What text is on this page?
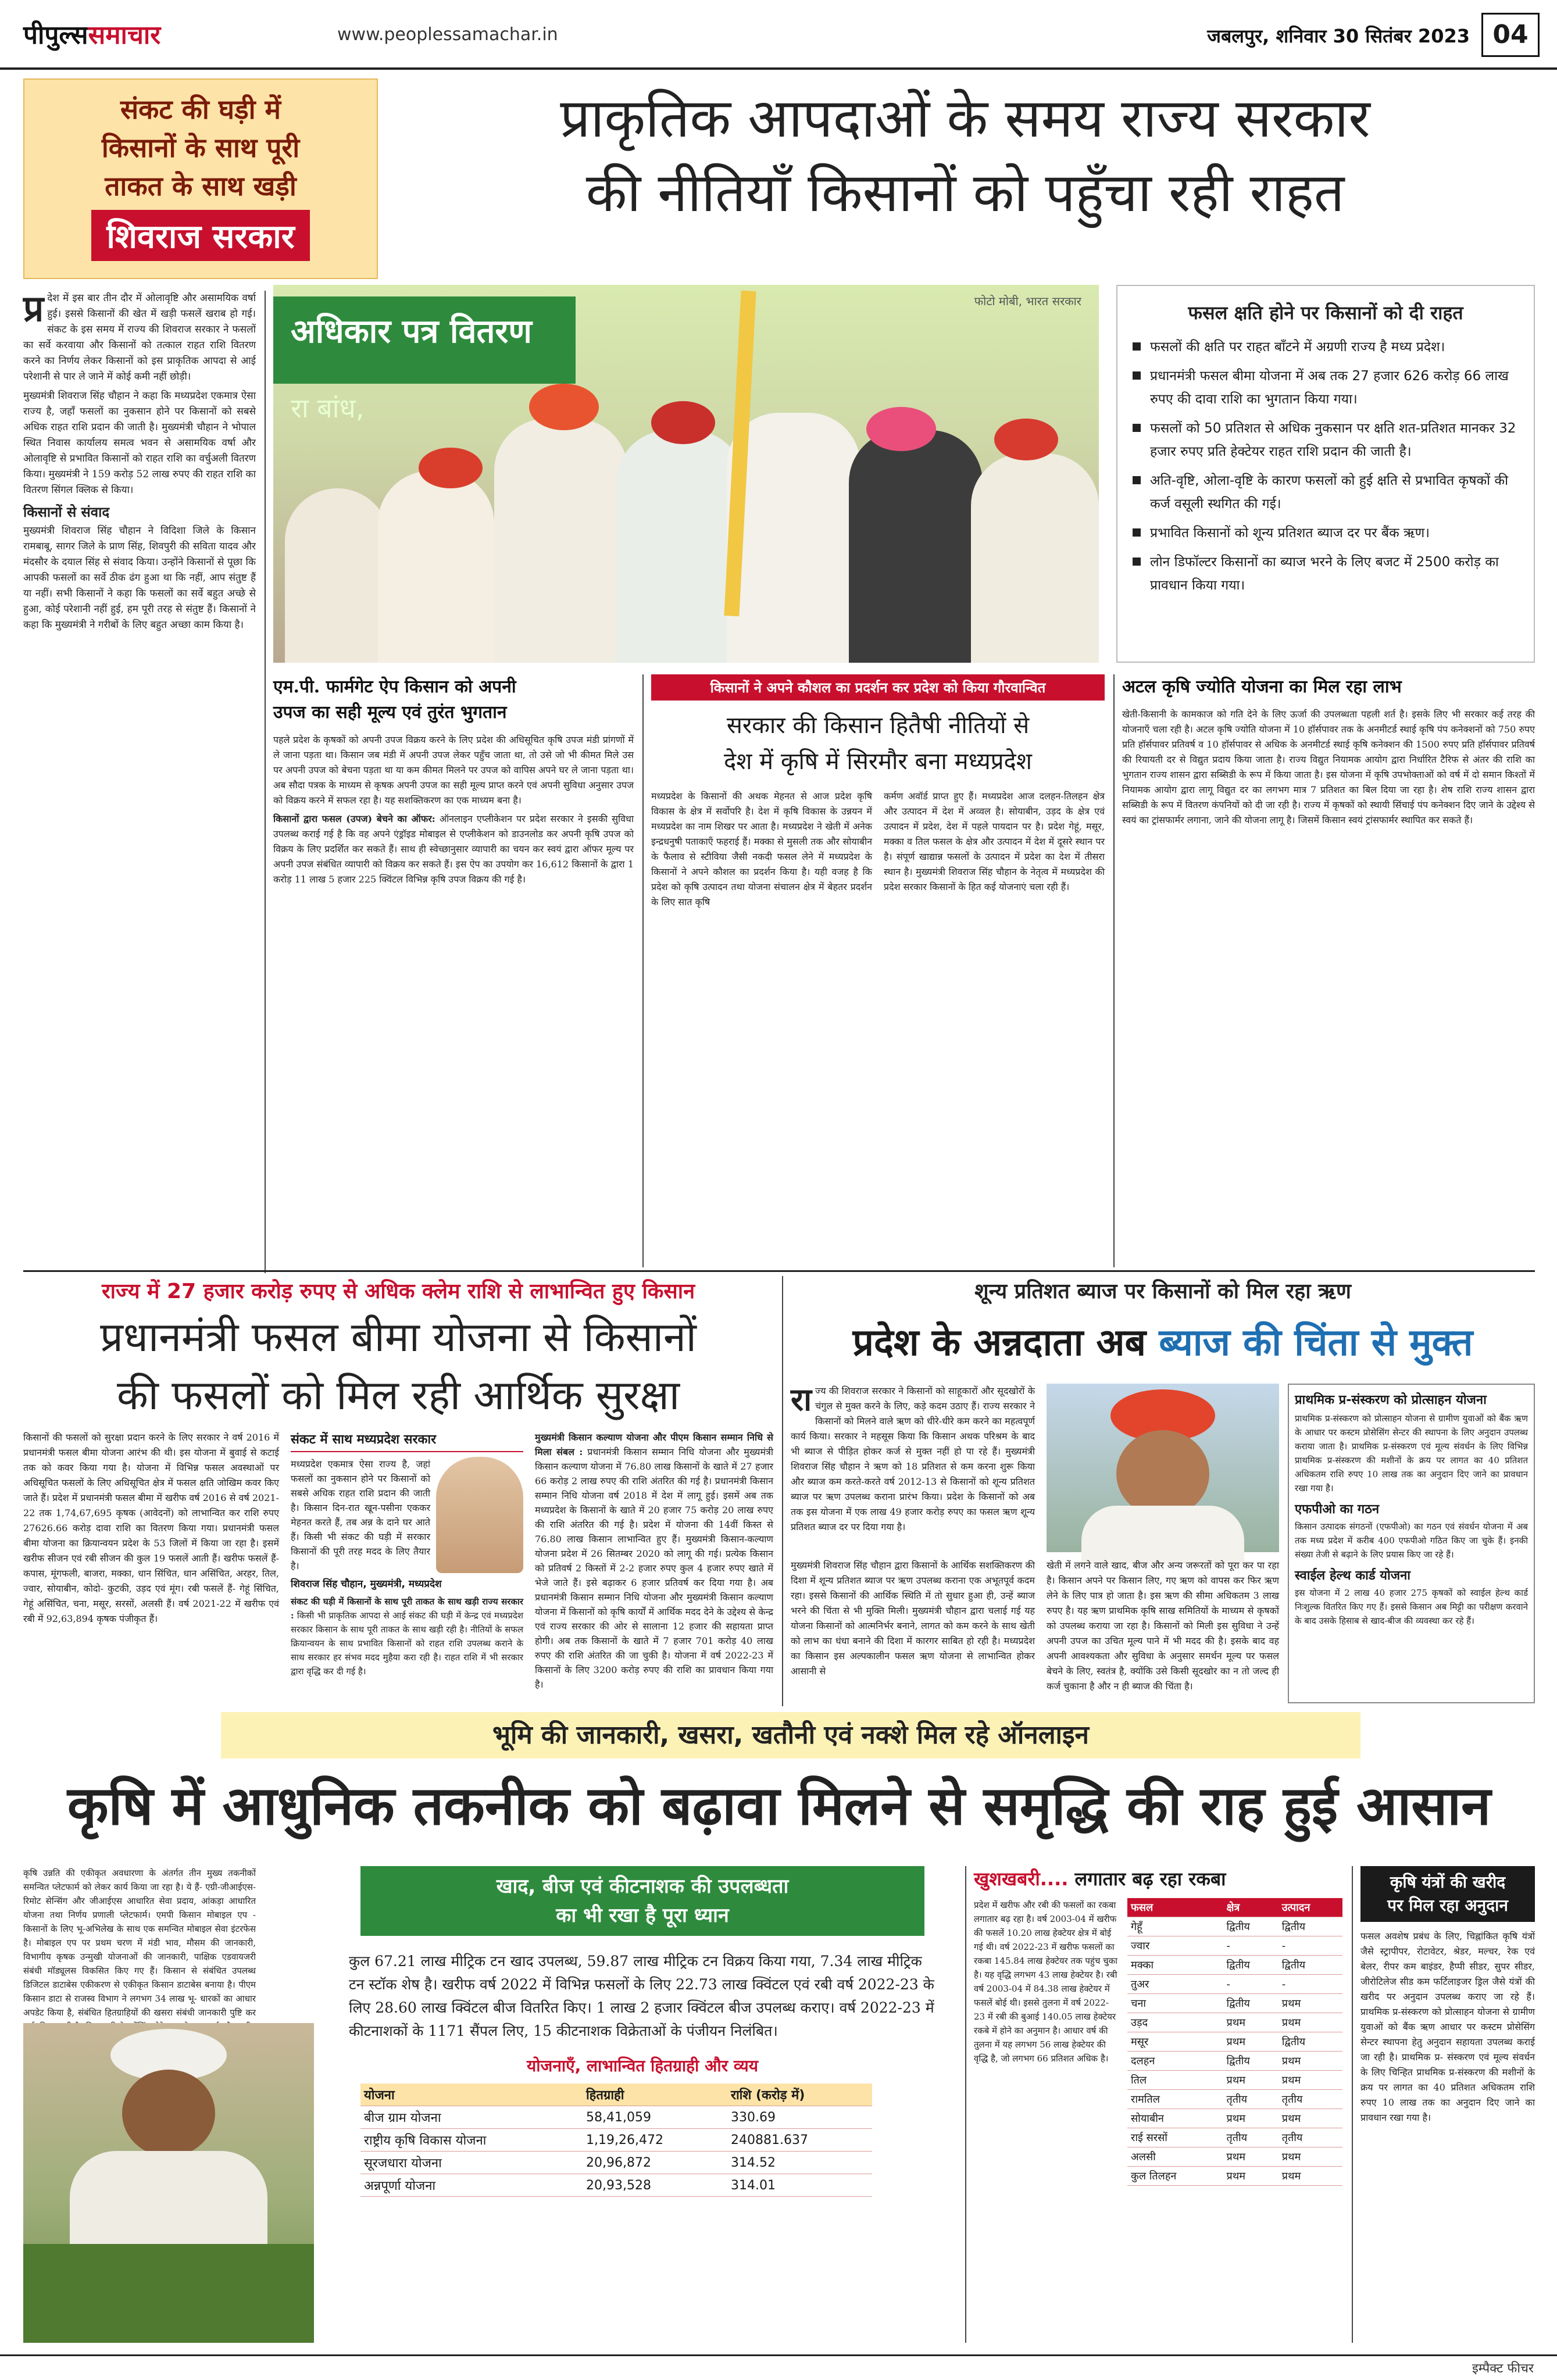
पीपुल्ससमाचार	www.peoplessamachar.in	जबलपुर, शनिवार 30 सितंबर 2023 04
संकट की घड़ी में
किसानों के साथ पूरी
ताकत के साथ खड़ी
शिवराज सरकार
प्राकृतिक आपदाओं के समय राज्य सरकार
की नीतियाँ किसानों को पहुँचा रही राहत

प्र देश में इस बार तीन दौर में ओलावृष्टि और असामयिक वर्षा हुई। इससे किसानों की खेत में खड़ी फसलें खराब हो गई। संकट के इस समय में राज्य की शिवराज सरकार ने फसलों का सर्वे करवाया और किसानों को तत्काल राहत राशि वितरण करने का निर्णय लेकर किसानों को इस प्राकृतिक आपदा से आई परेशानी से पार ले जाने में कोई कमी नहीं छोड़ी।

मुख्यमंत्री शिवराज सिंह चौहान ने कहा कि मध्यप्रदेश एकमात्र ऐसा राज्य है, जहाँ फसलों का नुकसान होने पर किसानों को सबसे अधिक राहत राशि प्रदान की जाती है। मुख्यमंत्री चौहान ने भोपाल स्थित निवास कार्यालय समत्व भवन से असामयिक वर्षा और ओलावृष्टि से प्रभावित किसानों को राहत राशि का वर्चुअली वितरण किया। मुख्यमंत्री ने 159 करोड़ 52 लाख रुपए की राहत राशि का वितरण सिंगल क्लिक से किया।

किसानों से संवाद

मुख्यमंत्री शिवराज सिंह चौहान ने विदिशा जिले के किसान रामबाबू, सागर जिले के प्राण सिंह, शिवपुरी की सविता यादव और मंदसौर के दयाल सिंह से संवाद किया। उन्होंने किसानों से पूछा कि आपकी फसलों का सर्वे ठीक ढंग हुआ था कि नहीं, आप संतुष्ट हैं या नहीं। सभी किसानों ने कहा कि फसलों का सर्वे बहुत अच्छे से हुआ, कोई परेशानी नहीं हुई, हम पूरी तरह से संतुष्ट हैं। किसानों ने कहा कि मुख्यमंत्री ने गरीबों के लिए बहुत अच्छा काम किया है।

अधिकार पत्र वितरण
रा बांध,
फोटो मोबी, भारत सरकार
फसल क्षति होने पर किसानों को दी राहत
फसलों की क्षति पर राहत बाँटने में अग्रणी राज्य है मध्य प्रदेश।
प्रधानमंत्री फसल बीमा योजना में अब तक 27 हजार 626 करोड़ 66 लाख रुपए की दावा राशि का भुगतान किया गया।
फसलों को 50 प्रतिशत से अधिक नुकसान पर क्षति शत-प्रतिशत मानकर 32 हजार रुपए प्रति हेक्टेयर राहत राशि प्रदान की जाती है।
अति-वृष्टि, ओला-वृष्टि के कारण फसलों को हुई क्षति से प्रभावित कृषकों की कर्ज वसूली स्थगित की गई।
प्रभावित किसानों को शून्य प्रतिशत ब्याज दर पर बैंक ऋण।
लोन डिफॉल्टर किसानों का ब्याज भरने के लिए बजट में 2500 करोड़ का प्रावधान किया गया।
एम.पी. फार्मगेट ऐप किसान को अपनी
उपज का सही मूल्य एवं तुरंत भुगतान

पहले प्रदेश के कृषकों को अपनी उपज विक्रय करने के लिए प्रदेश की अधिसूचित कृषि उपज मंडी प्रांगणों में ले जाना पड़ता था। किसान जब मंडी में अपनी उपज लेकर पहुँच जाता था, तो उसे जो भी कीमत मिले उस पर अपनी उपज को बेचना पड़ता था या कम कीमत मिलने पर उपज को वापिस अपने घर ले जाना पड़ता था। अब सौदा पत्रक के माध्यम से कृषक अपनी उपज का सही मूल्य प्राप्त करने एवं अपनी सुविधा अनुसार उपज को विक्रय करने में सफल रहा है। यह सशक्तिकरण का एक माध्यम बना है।

किसानों द्वारा फसल (उपज) बेचने का ऑफर: ऑनलाइन एप्लीकेशन पर प्रदेश सरकार ने इसकी सुविधा उपलब्ध कराई गई है कि वह अपने एंड्रॉइड मोबाइल से एप्लीकेशन को डाउनलोड कर अपनी कृषि उपज को विक्रय के लिए प्रदर्शित कर सकते हैं। साथ ही स्वेच्छानुसार व्यापारी का चयन कर स्वयं द्वारा ऑफर मूल्य पर अपनी उपज संबंधित व्यापारी को विक्रय कर सकते हैं। इस ऐप का उपयोग कर 16,612 किसानों के द्वारा 1 करोड़ 11 लाख 5 हजार 225 क्विंटल विभिन्न कृषि उपज विक्रय की गई है।

किसानों ने अपने कौशल का प्रदर्शन कर प्रदेश को किया गौरवान्वित
सरकार की किसान हितैषी नीतियों से
देश में कृषि में सिरमौर बना मध्यप्रदेश
मध्यप्रदेश के किसानों की अथक मेहनत से आज प्रदेश कृषि विकास के क्षेत्र में सर्वोपरि है। देश में कृषि विकास के उन्नयन में मध्यप्रदेश का नाम शिखर पर आता है। मध्यप्रदेश ने खेती में अनेक इन्द्रधनुषी पताकाएँ फहराई हैं। मक्का से मुसली तक और सोयाबीन के फैलाव से स्टीविया जैसी नकदी फसल लेने में मध्यप्रदेश के किसानों ने अपने कौशल का प्रदर्शन किया है। यही वजह है कि प्रदेश को कृषि उत्पादन तथा योजना संचालन क्षेत्र में बेहतर प्रदर्शन के लिए सात कृषि
कर्मण अवॉर्ड प्राप्त हुए हैं। मध्यप्रदेश आज दलहन-तिलहन क्षेत्र और उत्पादन में देश में अव्वल है। सोयाबीन, उड़द के क्षेत्र एवं उत्पादन में प्रदेश, देश में पहले पायदान पर है। प्रदेश गेहूं, मसूर, मक्का व तिल फसल के क्षेत्र और उत्पादन में देश में दूसरे स्थान पर है। संपूर्ण खाद्यान्न फसलों के उत्पादन में प्रदेश का देश में तीसरा स्थान है। मुख्यमंत्री शिवराज सिंह चौहान के नेतृत्व में मध्यप्रदेश की प्रदेश सरकार किसानों के हित कई योजनाएं चला रही हैं।
अटल कृषि ज्योति योजना का मिल रहा लाभ
खेती-किसानी के कामकाज को गति देने के लिए ऊर्जा की उपलब्धता पहली शर्त है। इसके लिए भी सरकार कई तरह की योजनाएँ चला रही है। अटल कृषि ज्योति योजना में 10 हॉर्सपावर तक के अनमीटर्ड स्थाई कृषि पंप कनेक्शनों को 750 रुपए प्रति हॉर्सपावर प्रतिवर्ष व 10 हॉर्सपावर से अधिक के अनमीटर्ड स्थाई कृषि कनेक्शन की 1500 रुपए प्रति हॉर्सपावर प्रतिवर्ष की रियायती दर से विद्युत प्रदाय किया जाता है। राज्य विद्युत नियामक आयोग द्वारा निर्धारित टैरिफ से अंतर की राशि का भुगतान राज्य शासन द्वारा सब्सिडी के रूप में किया जाता है। इस योजना में कृषि उपभोक्ताओं को वर्ष में दो समान किश्तों में नियामक आयोग द्वारा लागू विद्युत दर का लगभग मात्र 7 प्रतिशत का बिल दिया जा रहा है। शेष राशि राज्य शासन द्वारा सब्सिडी के रूप में वितरण कंपनियों को दी जा रही है। राज्य में कृषकों को स्थायी सिंचाई पंप कनेक्शन दिए जाने के उद्देश्य से स्वयं का ट्रांसफार्मर लगाना, जाने की योजना लागू है। जिसमें किसान स्वयं ट्रांसफार्मर स्थापित कर सकते हैं।
राज्य में 27 हजार करोड़ रुपए से अधिक क्लेम राशि से लाभान्वित हुए किसान
प्रधानमंत्री फसल बीमा योजना से किसानों
की फसलों को मिल रही आर्थिक सुरक्षा
किसानों की फसलों को सुरक्षा प्रदान करने के लिए सरकार ने वर्ष 2016 में प्रधानमंत्री फसल बीमा योजना आरंभ की थी। इस योजना में बुवाई से कटाई तक को कवर किया गया है। योजना में विभिन्न फसल अवस्थाओं पर अधिसूचित फसलों के लिए अधिसूचित क्षेत्र में फसल क्षति जोखिम कवर किए जाते हैं। प्रदेश में प्रधानमंत्री फसल बीमा में खरीफ वर्ष 2016 से वर्ष 2021-22 तक 1,74,67,695 कृषक (आवेदनों) को लाभान्वित कर राशि रुपए 27626.66 करोड़ दावा राशि का वितरण किया गया। प्रधानमंत्री फसल बीमा योजना का क्रियान्वयन प्रदेश के 53 जिलों में किया जा रहा है। इसमें खरीफ सीजन एवं रबी सीजन की कुल 19 फसलें आती हैं। खरीफ फसलें हैं- कपास, मूंगफली, बाजरा, मक्का, धान सिंचित, धान असिंचित, अरहर, तिल, ज्वार, सोयाबीन, कोदो- कुटकी, उड़द एवं मूंग। रबी फसलें हैं- गेहूं सिंचित, गेहूं असिंचित, चना, मसूर, सरसों, अलसी हैं। वर्ष 2021-22 में खरीफ एवं रबी में 92,63,894 कृषक पंजीकृत हैं।
संकट में साथ मध्यप्रदेश सरकार
मध्यप्रदेश एकमात्र ऐसा राज्य है, जहां फसलों का नुकसान होने पर किसानों को सबसे अधिक राहत राशि प्रदान की जाती है। किसान दिन-रात खून-पसीना एककर मेहनत करते हैं, तब अन्न के दाने घर आते हैं। किसी भी संकट की घड़ी में सरकार किसानों की पूरी तरह मदद के लिए तैयार है।
शिवराज सिंह चौहान, मुख्यमंत्री, मध्यप्रदेश
संकट की घड़ी में किसानों के साथ पूरी ताकत के साथ खड़ी राज्य सरकार : किसी भी प्राकृतिक आपदा से आई संकट की घड़ी में केन्द्र एवं मध्यप्रदेश सरकार किसान के साथ पूरी ताकत के साथ खड़ी रही है। नीतियों के सफल क्रियान्वयन के साथ प्रभावित किसानों को राहत राशि उपलब्ध कराने के साथ सरकार हर संभव मदद मुहैया करा रही है। राहत राशि में भी सरकार द्वारा वृद्धि कर दी गई है।
मुख्यमंत्री किसान कल्याण योजना और पीएम किसान सम्मान निधि से मिला संबल : प्रधानमंत्री किसान सम्मान निधि योजना और मुख्यमंत्री किसान कल्याण योजना में 76.80 लाख किसानों के खाते में 27 हजार 66 करोड़ 2 लाख रुपए की राशि अंतरित की गई है। प्रधानमंत्री किसान सम्मान निधि योजना वर्ष 2018 में देश में लागू हुई। इसमें अब तक मध्यप्रदेश के किसानों के खाते में 20 हजार 75 करोड़ 20 लाख रुपए की राशि अंतरित की गई है। प्रदेश में योजना की 14वीं किस्त से 76.80 लाख किसान लाभान्वित हुए हैं। मुख्यमंत्री किसान-कल्याण योजना प्रदेश में 26 सितम्बर 2020 को लागू की गई। प्रत्येक किसान को प्रतिवर्ष 2 किस्तों में 2-2 हजार रुपए कुल 4 हजार रुपए खाते में भेजे जाते हैं। इसे बढ़ाकर 6 हजार प्रतिवर्ष कर दिया गया है। अब प्रधानमंत्री किसान सम्मान निधि योजना और मुख्यमंत्री किसान कल्याण योजना में किसानों को कृषि कार्यों में आर्थिक मदद देने के उद्देश्य से केन्द्र एवं राज्य सरकार की ओर से सालाना 12 हजार की सहायता प्राप्त होगी। अब तक किसानों के खाते में 7 हजार 701 करोड़ 40 लाख रुपए की राशि अंतरित की जा चुकी है। योजना में वर्ष 2022-23 में किसानों के लिए 3200 करोड़ रुपए की राशि का प्रावधान किया गया है।
शून्य प्रतिशत ब्याज पर किसानों को मिल रहा ऋण
प्रदेश के अन्नदाता अब ब्याज की चिंता से मुक्त

राज्य की शिवराज सरकार ने किसानों को साहूकारों और सूदखोरों के चंगुल से मुक्त करने के लिए, कड़े कदम उठाए हैं। राज्य सरकार ने किसानों को मिलने वाले ऋण को धीरे-धीरे कम करने का महत्वपूर्ण कार्य किया। सरकार ने महसूस किया कि किसान अथक परिश्रम के बाद भी ब्याज से पीड़ित होकर कर्ज से मुक्त नहीं हो पा रहे हैं। मुख्यमंत्री शिवराज सिंह चौहान ने ऋण को 18 प्रतिशत से कम करना शुरू किया और ब्याज कम करते-करते वर्ष 2012-13 से किसानों को शून्य प्रतिशत ब्याज पर ऋण उपलब्ध कराना प्रारंभ किया। प्रदेश के किसानों को अब तक इस योजना में एक लाख 49 हजार करोड़ रुपए का फसल ऋण शून्य प्रतिशत ब्याज दर पर दिया गया है।

खेती में लगने वाले खाद, बीज और अन्य जरूरतों को पूरा कर पा रहा है। किसान अपने पर किसान लिए, गए ऋण को वापस कर फिर ऋण लेने के लिए पात्र हो जाता है। इस ऋण की सीमा अधिकतम 3 लाख रुपए है। यह ऋण प्राथमिक कृषि साख समितियों के माध्यम से कृषकों को उपलब्ध कराया जा रहा है। किसानों को मिली इस सुविधा ने उन्हें अपनी उपज का उचित मूल्य पाने में भी मदद की है। इसके बाद वह अपनी आवश्यकता और सुविधा के अनुसार समर्थन मूल्य पर फसल बेचने के लिए, स्वतंत्र है, क्योंकि उसे किसी सूदखोर का न तो जल्द ही कर्ज चुकाना है और न ही ब्याज की चिंता है।
प्राथमिक प्र-संस्करण को प्रोत्साहन योजना
प्राथमिक प्र-संस्करण को प्रोत्साहन योजना से ग्रामीण युवाओं को बैंक ऋण के आधार पर कस्टम प्रोसेसिंग सेन्टर की स्थापना के लिए अनुदान उपलब्ध कराया जाता है। प्राथमिक प्र-संस्करण एवं मूल्य संवर्धन के लिए विभिन्न प्राथमिक प्र-संस्करण की मशीनों के क्रय पर लागत का 40 प्रतिशत अधिकतम राशि रुपए 10 लाख तक का अनुदान दिए जाने का प्रावधान रखा गया है।
एफपीओ का गठन
किसान उत्पादक संगठनों (एफपीओ) का गठन एवं संवर्धन योजना में अब तक मध्य प्रदेश में करीब 400 एफपीओ गठित किए जा चुके हैं। इनकी संख्या तेजी से बढ़ाने के लिए प्रयास किए जा रहे हैं।
स्वाईल हेल्थ कार्ड योजना
इस योजना में 2 लाख 40 हजार 275 कृषकों को स्वाईल हेल्थ कार्ड निःशुल्क वितरित किए गए हैं। इससे किसान अब मिट्टी का परीक्षण करवाने के बाद उसके हिसाब से खाद-बीज की व्यवस्था कर रहे हैं।
मुख्यमंत्री शिवराज सिंह चौहान द्वारा किसानों के आर्थिक सशक्तिकरण की दिशा में शून्य प्रतिशत ब्याज पर ऋण उपलब्ध कराना एक अभूतपूर्व कदम रहा। इससे किसानों की आर्थिक स्थिति में तो सुधार हुआ ही, उन्हें ब्याज भरने की चिंता से भी मुक्ति मिली। मुख्यमंत्री चौहान द्वारा चलाई गई यह योजना किसानों को आत्मनिर्भर बनाने, लागत को कम करने के साथ खेती को लाभ का धंधा बनाने की दिशा में कारगर साबित हो रही है। मध्यप्रदेश का किसान इस अल्पकालीन फसल ऋण योजना से लाभान्वित होकर आसानी से
भूमि की जानकारी, खसरा, खतौनी एवं नक्शे मिल रहे ऑनलाइन
कृषि में आधुनिक तकनीक को बढ़ावा मिलने से समृद्धि की राह हुई आसान
कृषि उन्नति की एकीकृत अवधारणा के अंतर्गत तीन मुख्य तकनीकों समन्वित प्लेटफार्म को लेकर कार्य किया जा रहा है। ये हैं- एग्री-जीआईएस-रिमोट सेन्सिंग और जीआईएस आधारित सेवा प्रदाय, आंकड़ा आधारित योजना तथा निर्णय प्रणाली प्लेटफार्म। एमपी किसान मोबाइल एप - किसानों के लिए भू-अभिलेख के साथ एक समन्वित मोबाइल सेवा इंटरफेस है। मोबाइल एप पर प्रथम चरण में मंडी भाव, मौसम की जानकारी, विभागीय कृषक उन्मुखी योजनाओं की जानकारी, पाक्षिक एडवायजरी संबंधी मॉड्यूलस विकसित किए गए हैं। किसान से संबंधित उपलब्ध डिजिटल डाटाबेस एकीकरण से एकीकृत किसान डाटाबेस बनाया है। पीएम किसान डाटा से राजस्व विभाग ने लगभग 34 लाख भू- धारकों का आधार अपडेट किया है, संबंधित हितग्राहियों की खसरा संबंधी जानकारी पुष्टि कर
खाद, बीज एवं कीटनाशक की उपलब्धता
का भी रखा है पूरा ध्यान
कुल 67.21 लाख मीट्रिक टन खाद उपलब्ध, 59.87 लाख मीट्रिक टन विक्रय किया गया, 7.34 लाख मीट्रिक टन स्टॉक शेष है। खरीफ वर्ष 2022 में विभिन्न फसलों के लिए 22.73 लाख क्विंटल एवं रबी वर्ष 2022-23 के लिए 28.60 लाख क्विंटल बीज वितरित किए। 1 लाख 2 हजार क्विंटल बीज उपलब्ध कराए। वर्ष 2022-23 में कीटनाशकों के 1171 सैंपल लिए, 15 कीटनाशक विक्रेताओं के पंजीयन निलंबित।
योजनाएँ, लाभान्वित हितग्राही और व्यय
योजना	हितग्राही	राशि (करोड़ में)
बीज ग्राम योजना	58,41,059	330.69
राष्ट्रीय कृषि विकास योजना	1,19,26,472	240881.637
सूरजधारा योजना	20,96,872	314.52
अन्नपूर्णा योजना	20,93,528	314.01
खुशखबरी.... लगातार बढ़ रहा रकबा
प्रदेश में खरीफ और रबी की फसलों का रकबा लगातार बढ़ रहा है। वर्ष 2003-04 में खरीफ की फसलें 10.20 लाख हेक्टेयर क्षेत्र में बोई गई थी। वर्ष 2022-23 में खरीफ फसलों का रकबा 145.84 लाख हेक्टेयर तक पहुंच चुका है। यह वृद्धि लगभग 43 लाख हेक्टेयर है। रबी वर्ष 2003-04 में 84.38 लाख हेक्टेयर में फसलें बोई थी। इससे तुलना में वर्ष 2022-23 में रबी की बुआई 140.05 लाख हेक्टेयर रकबे में होने का अनुमान है। आधार वर्ष की तुलना में यह लगभग 56 लाख हेक्टेयर की वृद्धि है, जो लगभग 66 प्रतिशत अधिक है।
फसल	क्षेत्र	उत्पादन
गेहूँ	द्वितीय	द्वितीय
ज्वार	-	-
मक्का	द्वितीय	द्वितीय
तुअर	-	-
चना	द्वितीय	प्रथम
उड़द	प्रथम	प्रथम
मसूर	प्रथम	द्वितीय
दलहन	द्वितीय	प्रथम
तिल	प्रथम	प्रथम
रामतिल	तृतीय	तृतीय
सोयाबीन	प्रथम	प्रथम
राई सरसों	तृतीय	तृतीय
अलसी	प्रथम	प्रथम
कुल तिलहन	प्रथम	प्रथम
कृषि यंत्रों की खरीद
पर मिल रहा अनुदान
फसल अवशेष प्रबंध के लिए, चिह्नांकित कृषि यंत्रों जैसे स्ट्रापीपर, रोटावेटर, श्रेडर, मल्चर, रेक एवं बेलर, रीपर कम बाइंडर, हैप्पी सीडर, सुपर सीडर, जीरोटिलेज सीड कम फर्टिलाइजर ड्रिल जैसे यंत्रों की खरीद पर अनुदान उपलब्ध कराए जा रहे हैं। प्राथमिक प्र-संस्करण को प्रोत्साहन योजना से ग्रामीण युवाओं को बैंक ऋण आधार पर कस्टम प्रोसेसिंग सेन्टर स्थापना हेतु अनुदान सहायता उपलब्ध कराई जा रही है। प्राथमिक प्र- संस्करण एवं मूल्य संवर्धन के लिए चिन्हित प्राथमिक प्र-संस्करण की मशीनों के क्रय पर लागत का 40 प्रतिशत अधिकतम राशि रुपए 10 लाख तक का अनुदान दिए जाने का प्रावधान रखा गया है।
इम्पैक्ट फीचर
